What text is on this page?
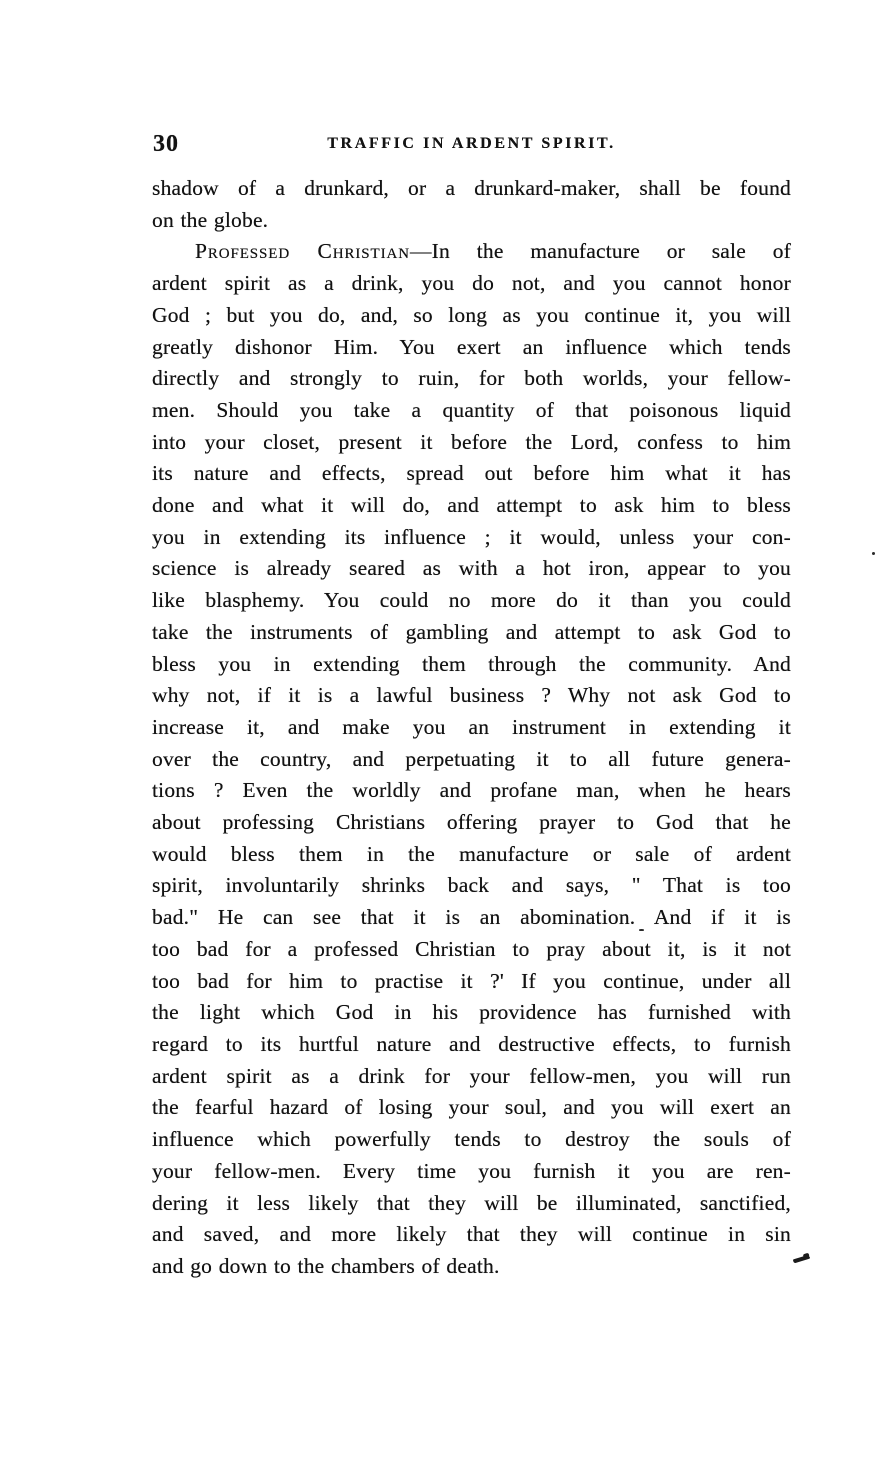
30	TRAFFIC IN ARDENT SPIRIT.
shadow of a drunkard, or a drunkard-maker, shall be found
on the globe.
Professed Christian—In the manufacture or sale of
ardent spirit as a drink, you do not, and you cannot honor
God ; but you do, and, so long as you continue it, you will
greatly dishonor Him. You exert an influence which tends
directly and strongly to ruin, for both worlds, your fellow-
men. Should you take a quantity of that poisonous liquid
into your closet, present it before the Lord, confess to him
its nature and effects, spread out before him what it has
done and what it will do, and attempt to ask him to bless
you in extending its influence ; it would, unless your con-
science is already seared as with a hot iron, appear to you
like blasphemy. You could no more do it than you could
take the instruments of gambling and attempt to ask God to
bless you in extending them through the community. And
why not, if it is a lawful business ? Why not ask God to
increase it, and make you an instrument in extending it
over the country, and perpetuating it to all future genera-
tions ? Even the worldly and profane man, when he hears
about professing Christians offering prayer to God that he
would bless them in the manufacture or sale of ardent
spirit, involuntarily shrinks back and says, " That is too
bad." He can see that it is an abomination. And if it is
too bad for a professed Christian to pray about it, is it not
too bad for him to practise it ?' If you continue, under all
the light which God in his providence has furnished with
regard to its hurtful nature and destructive effects, to furnish
ardent spirit as a drink for your fellow-men, you will run
the fearful hazard of losing your soul, and you will exert an
influence which powerfully tends to destroy the souls of
your fellow-men. Every time you furnish it you are ren-
dering it less likely that they will be illuminated, sanctified,
and saved, and more likely that they will continue in sin
and go down to the chambers of death.
